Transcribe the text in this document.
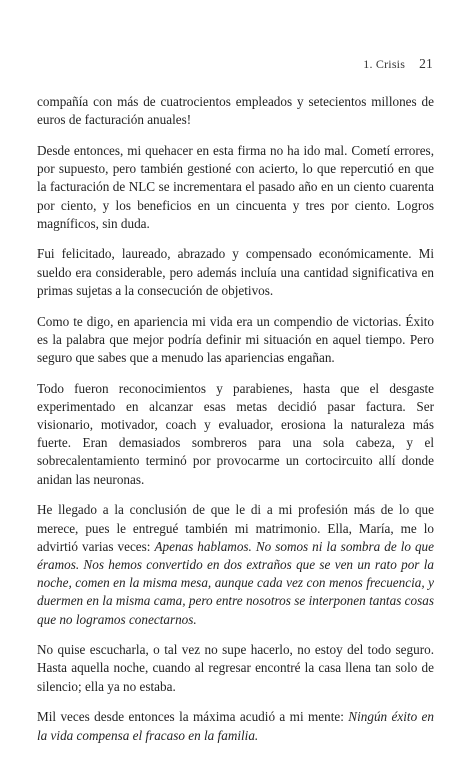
1. Crisis 21

compañía con más de cuatrocientos empleados y setecientos millones de euros de facturación anuales!

Desde entonces, mi quehacer en esta firma no ha ido mal. Cometí errores, por supuesto, pero también gestioné con acierto, lo que repercutió en que la facturación de NLC se incrementara el pasado año en un ciento cuarenta por ciento, y los beneficios en un cincuenta y tres por ciento. Logros magníficos, sin duda.

Fui felicitado, laureado, abrazado y compensado económicamente. Mi sueldo era considerable, pero además incluía una cantidad significativa en primas sujetas a la consecución de objetivos.

Como te digo, en apariencia mi vida era un compendio de victorias. Éxito es la palabra que mejor podría definir mi situación en aquel tiempo. Pero seguro que sabes que a menudo las apariencias engañan.

Todo fueron reconocimientos y parabienes, hasta que el desgaste experimentado en alcanzar esas metas decidió pasar factura. Ser visionario, motivador, coach y evaluador, erosiona la naturaleza más fuerte. Eran demasiados sombreros para una sola cabeza, y el sobrecalentamiento terminó por provocarme un cortocircuito allí donde anidan las neuronas.

He llegado a la conclusión de que le di a mi profesión más de lo que merece, pues le entregué también mi matrimonio. Ella, María, me lo advirtió varias veces: Apenas hablamos. No somos ni la sombra de lo que éramos. Nos hemos convertido en dos extraños que se ven un rato por la noche, comen en la misma mesa, aunque cada vez con menos frecuencia, y duermen en la misma cama, pero entre nosotros se interponen tantas cosas que no logramos conectarnos.

No quise escucharla, o tal vez no supe hacerlo, no estoy del todo seguro. Hasta aquella noche, cuando al regresar encontré la casa llena tan solo de silencio; ella ya no estaba.

Mil veces desde entonces la máxima acudió a mi mente: Ningún éxito en la vida compensa el fracaso en la familia.
